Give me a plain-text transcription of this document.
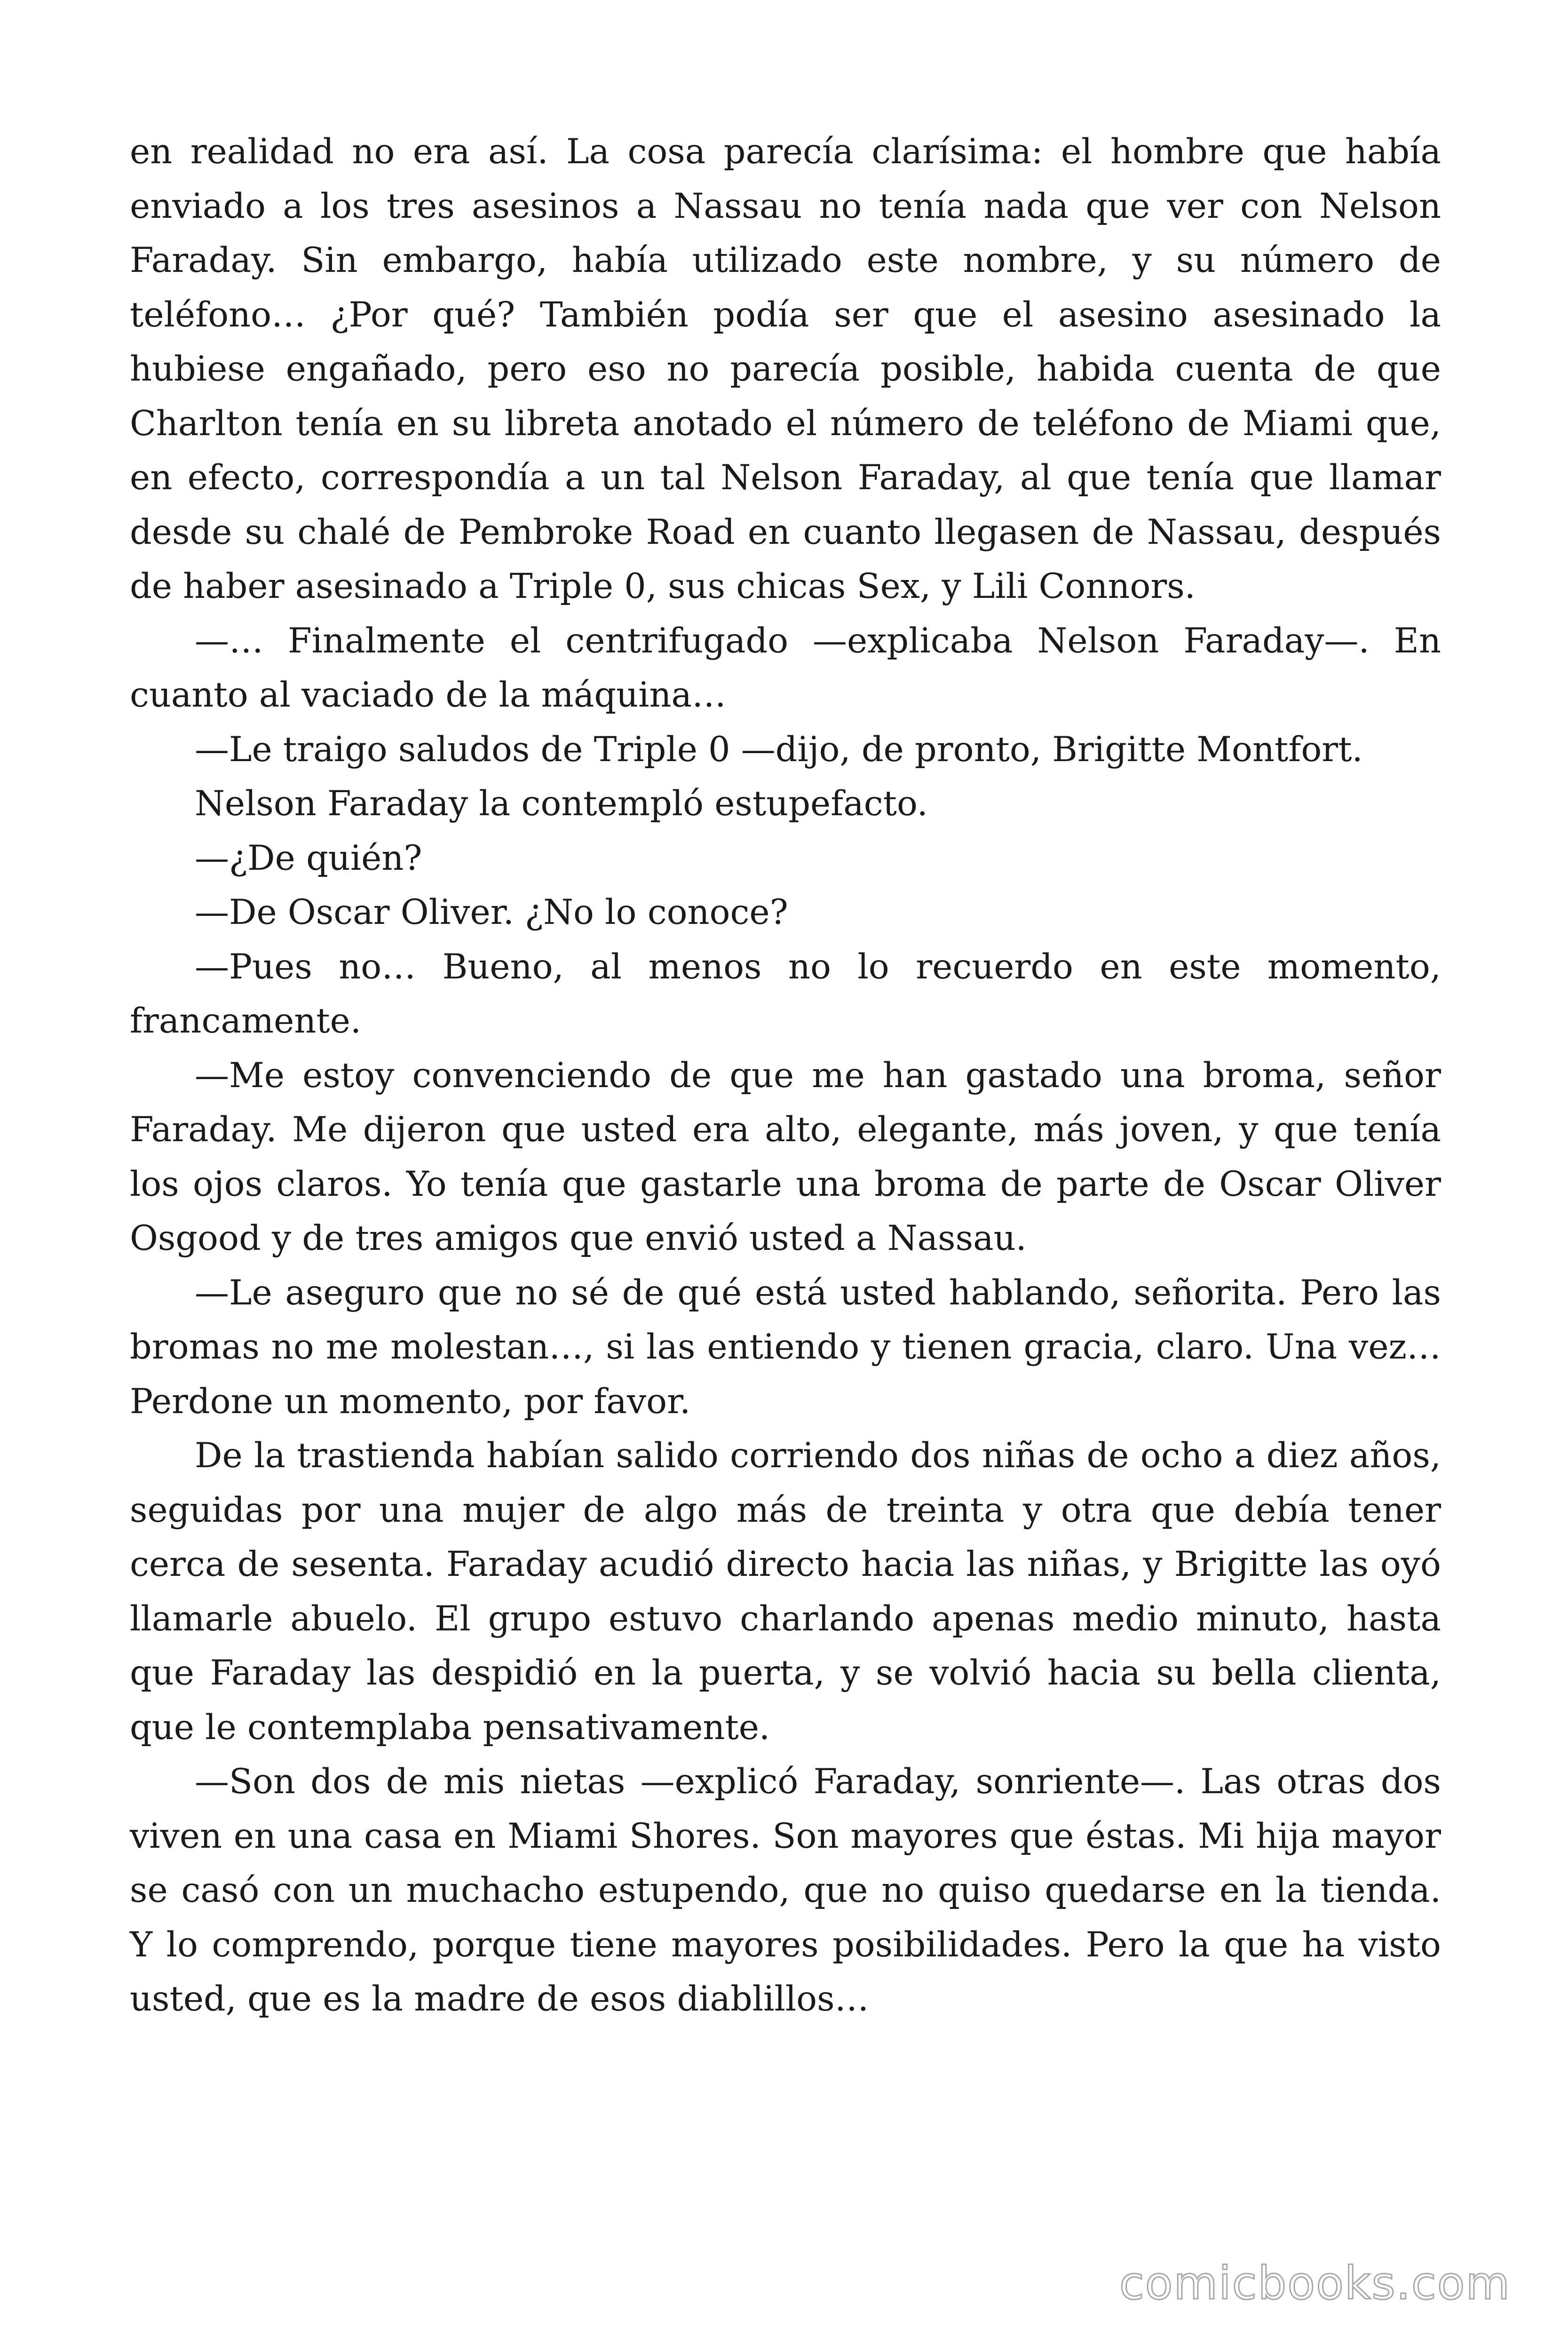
en realidad no era así. La cosa parecía clarísima: el hombre que había enviado a los tres asesinos a Nassau no tenía nada que ver con Nelson Faraday. Sin embargo, había utilizado este nombre, y su número de teléfono… ¿Por qué? También podía ser que el asesino asesinado la hubiese engañado, pero eso no parecía posible, habida cuenta de que Charlton tenía en su libreta anotado el número de teléfono de Miami que, en efecto, correspondía a un tal Nelson Faraday, al que tenía que llamar desde su chalé de Pembroke Road en cuanto llegasen de Nassau, después de haber asesinado a Triple 0, sus chicas Sex, y Lili Connors.

—… Finalmente el centrifugado —explicaba Nelson Faraday—. En cuanto al vaciado de la máquina…

—Le traigo saludos de Triple 0 —dijo, de pronto, Brigitte Montfort.

Nelson Faraday la contempló estupefacto.

—¿De quién?

—De Oscar Oliver. ¿No lo conoce?

—Pues no… Bueno, al menos no lo recuerdo en este momento, francamente.

—Me estoy convenciendo de que me han gastado una broma, señor Faraday. Me dijeron que usted era alto, elegante, más joven, y que tenía los ojos claros. Yo tenía que gastarle una broma de parte de Oscar Oliver Osgood y de tres amigos que envió usted a Nassau.

—Le aseguro que no sé de qué está usted hablando, señorita. Pero las bromas no me molestan…, si las entiendo y tienen gracia, claro. Una vez… Perdone un momento, por favor.

De la trastienda habían salido corriendo dos niñas de ocho a diez años, seguidas por una mujer de algo más de treinta y otra que debía tener cerca de sesenta. Faraday acudió directo hacia las niñas, y Brigitte las oyó llamarle abuelo. El grupo estuvo charlando apenas medio minuto, hasta que Faraday las despidió en la puerta, y se volvió hacia su bella clienta, que le contemplaba pensativamente.

—Son dos de mis nietas —explicó Faraday, sonriente—. Las otras dos viven en una casa en Miami Shores. Son mayores que éstas. Mi hija mayor se casó con un muchacho estupendo, que no quiso quedarse en la tienda. Y lo comprendo, porque tiene mayores posibilidades. Pero la que ha visto usted, que es la madre de esos diablillos…

comicbooks.com
